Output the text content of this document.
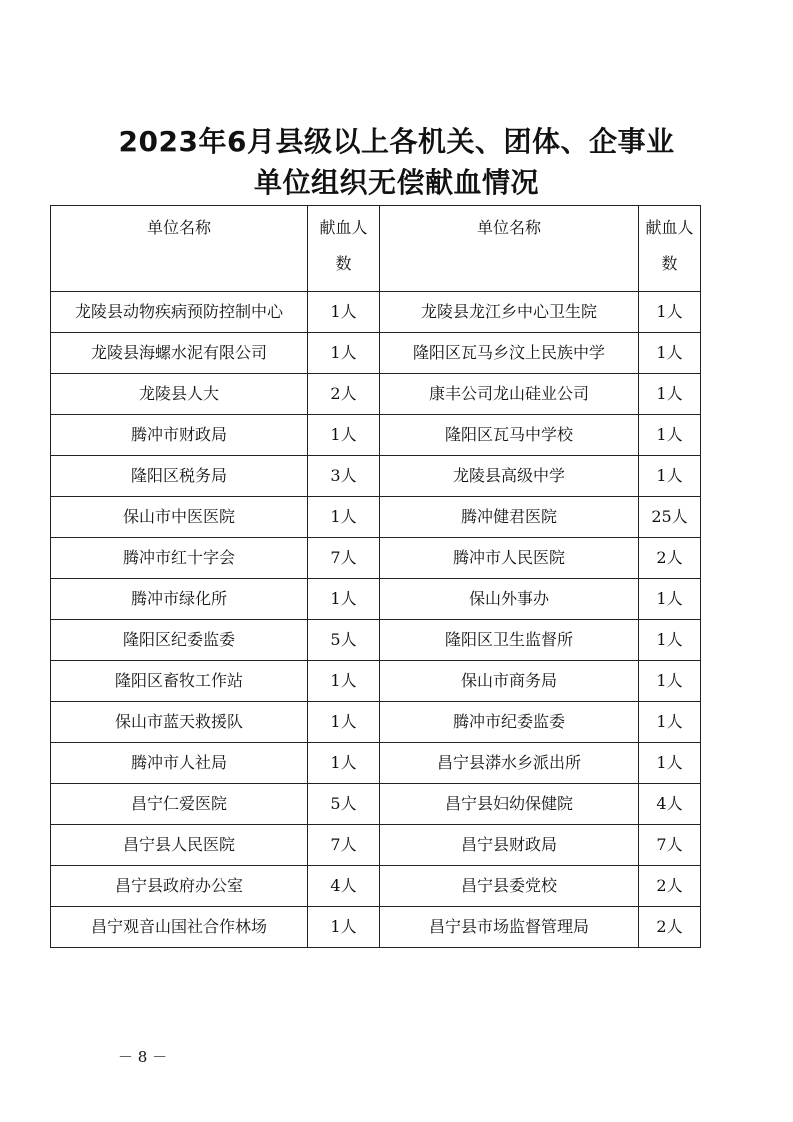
2023年6月县级以上各机关、团体、企事业
单位组织无偿献血情况
单位名称	献血人数	单位名称	献血人数
龙陵县动物疾病预防控制中心	1人	龙陵县龙江乡中心卫生院	1人
龙陵县海螺水泥有限公司	1人	隆阳区瓦马乡汶上民族中学	1人
龙陵县人大	2人	康丰公司龙山硅业公司	1人
腾冲市财政局	1人	隆阳区瓦马中学校	1人
隆阳区税务局	3人	龙陵县高级中学	1人
保山市中医医院	1人	腾冲健君医院	25人
腾冲市红十字会	7人	腾冲市人民医院	2人
腾冲市绿化所	1人	保山外事办	1人
隆阳区纪委监委	5人	隆阳区卫生监督所	1人
隆阳区畜牧工作站	1人	保山市商务局	1人
保山市蓝天救援队	1人	腾冲市纪委监委	1人
腾冲市人社局	1人	昌宁县漭水乡派出所	1人
昌宁仁爱医院	5人	昌宁县妇幼保健院	4人
昌宁县人民医院	7人	昌宁县财政局	7人
昌宁县政府办公室	4人	昌宁县委党校	2人
昌宁观音山国社合作林场	1人	昌宁县市场监督管理局	2人
－ 8 －
